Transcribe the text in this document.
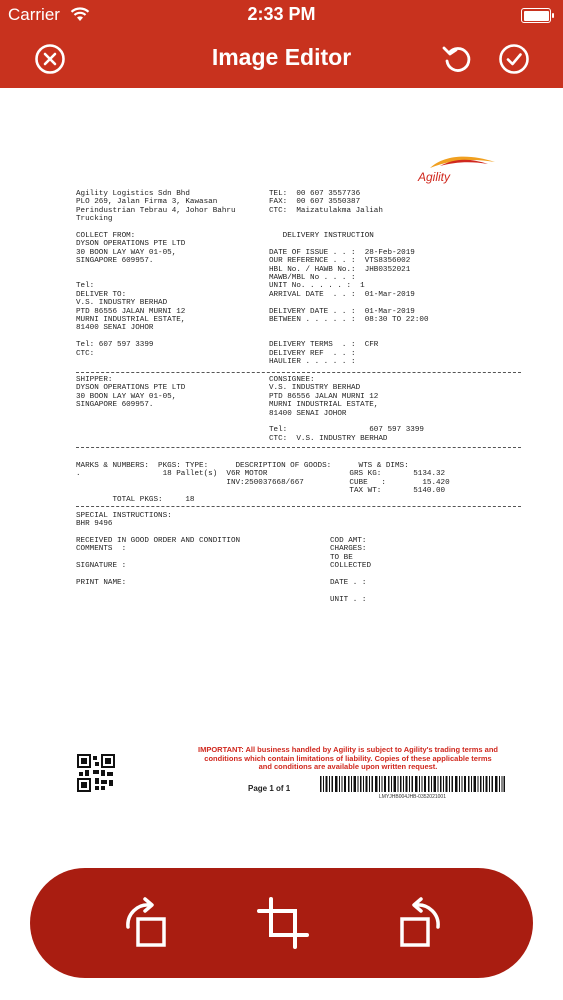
Carrier	2:33 PM
Image Editor
Agility
Agility Logistics Sdn Bhd
PLO 269, Jalan Firma 3, Kawasan
Perindustrian Tebrau 4, Johor Bahru
Trucking
TEL:  00 607 3557736
FAX:  00 607 3550387
CTC:  Maizatulakma Jaliah
COLLECT FROM:
DYSON OPERATIONS PTE LTD
30 BOON LAY WAY 01-05,
SINGAPORE 609957.

Tel:
DELIVER TO:
V.S. INDUSTRY BERHAD
PTD 86556 JALAN MURNI 12
MURNI INDUSTRIAL ESTATE,
81400 SENAI JOHOR

Tel: 607 597 3399
CTC:
DELIVERY INSTRUCTION

DATE OF ISSUE . . :  28-Feb-2019
OUR REFERENCE . . :  VTS8356002
HBL No. / HAWB No.:  JHB0352021
MAWB/MBL No . . . :
UNIT No. . . . . :  1
ARRIVAL DATE  . . :  01-Mar-2019

DELIVERY DATE . . :  01-Mar-2019
BETWEEN . . . . . :  08:30 TO 22:00

DELIVERY TERMS  . :  CFR
DELIVERY REF  . . :
HAULIER . . . . . :
SHIPPER:
DYSON OPERATIONS PTE LTD
30 BOON LAY WAY 01-05,
SINGAPORE 609957.
CONSIGNEE:
V.S. INDUSTRY BERHAD
PTD 86556 JALAN MURNI 12
MURNI INDUSTRIAL ESTATE,
81400 SENAI JOHOR

Tel:                  607 597 3399
CTC:  V.S. INDUSTRY BERHAD
MARKS & NUMBERS:  PKGS: TYPE:      DESCRIPTION OF GOODS:      WTS & DIMS:
.                  18 Pallet(s)  V6R MOTOR                  GRS KG:       5134.32
INV:250037668/667          CUBE   :        15.420
TAX WT:       5140.00
TOTAL PKGS:     18
SPECIAL INSTRUCTIONS:
BHR 9496
RECEIVED IN GOOD ORDER AND CONDITION
COMMENTS  :

SIGNATURE :

PRINT NAME:
COD AMT:
CHARGES:
TO BE
COLLECTED

DATE . :

UNIT . :
IMPORTANT: All business handled by Agility is subject to Agility's trading terms and conditions which contain limitations of liability. Copies of these applicable terms and conditions are available upon written request.
Page 1 of 1
LMYJHB004JHB-0352021001
